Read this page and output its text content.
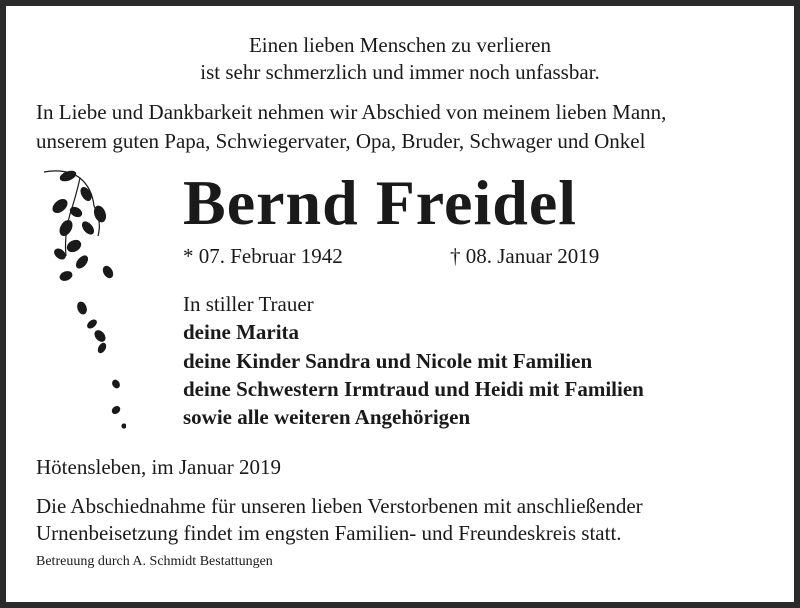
Einen lieben Menschen zu verlieren
ist sehr schmerzlich und immer noch unfassbar.
In Liebe und Dankbarkeit nehmen wir Abschied von meinem lieben Mann,
unserem guten Papa, Schwiegervater, Opa, Bruder, Schwager und Onkel
Bernd Freidel
* 07. Februar 1942	† 08. Januar 2019
In stiller Trauer
deine Marita
deine Kinder Sandra und Nicole mit Familien
deine Schwestern Irmtraud und Heidi mit Familien
sowie alle weiteren Angehörigen
Hötensleben, im Januar 2019
Die Abschiednahme für unseren lieben Verstorbenen mit anschließender
Urnenbeisetzung findet im engsten Familien- und Freundeskreis statt.
Betreuung durch A. Schmidt Bestattungen
